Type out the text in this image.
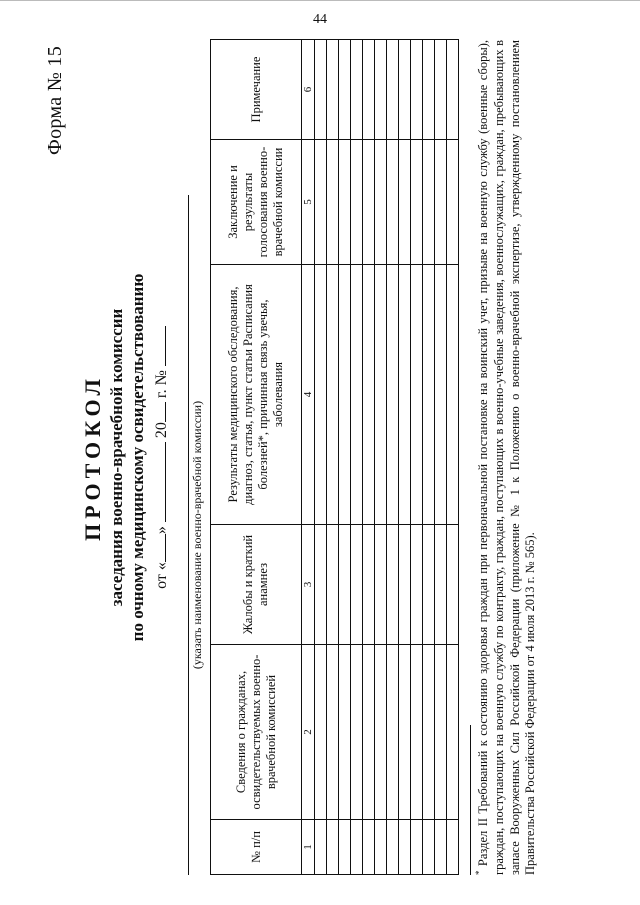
44
Форма № 15
ПРОТОКОЛ заседания военно-врачебной комиссии по очному медицинскому освидетельствованию от «»  20 г. №
(указать наименование военно-врачебной комиссии)
№ п/п	Сведения о гражданах, освидетельствуемых военно-врачебной комиссией	Жалобы и краткий анамнез	Результаты медицинского обследования, диагноз, статья, пункт статьи Расписания болезней*, причинная связь увечья, заболевания	Заключение и результаты голосования военно-врачебной комиссии	Примечание
1	2	3	4	5	6

* Раздел II Требований к состоянию здоровья граждан при первоначальной постановке на воинский учет, призыве на военную службу (военные сборы), граждан, поступающих на военную службу по контракту, граждан, поступающих в военно-учебные заведения, военнослужащих, граждан, пребывающих в запасе Вооруженных Сил Российской Федерации (приложение № 1 к Положению о военно-врачебной экспертизе, утвержденному постановлением Правительства Российской Федерации от 4 июля 2013 г. № 565).
